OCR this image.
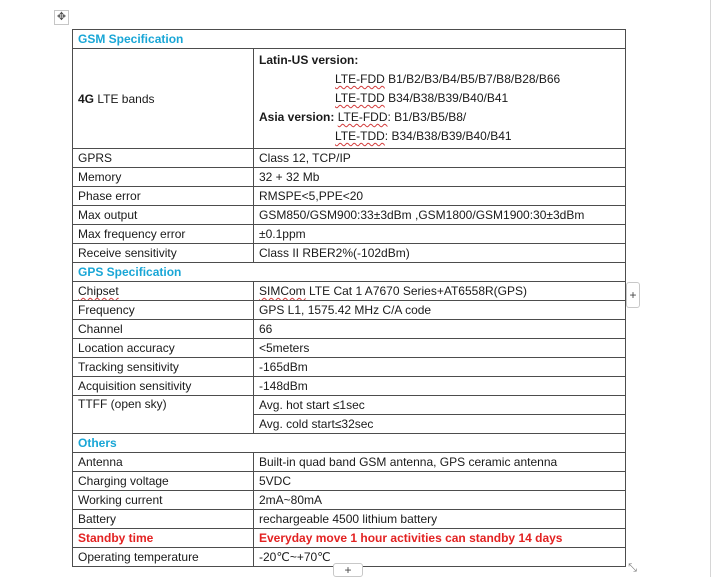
✥
GSM Specification	
4G LTE bands	Latin-US version:
LTE-FDD B1/B2/B3/B4/B5/B7/B8/B28/B66
LTE-TDD B34/B38/B39/B40/B41
Asia version: LTE-FDD: B1/B3/B5/B8/
LTE-TDD: B34/B38/B39/B40/B41

GPRS	Class 12, TCP/IP
Memory	32 + 32 Mb
Phase error	RMSPE<5,PPE<20
Max output	GSM850/GSM900:33±3dBm ,GSM1800/GSM1900:30±3dBm
Max frequency error	±0.1ppm
Receive sensitivity	Class II RBER2%(-102dBm)
GPS Specification	
Chipset	SIMCom LTE Cat 1 A7670 Series+AT6558R(GPS)
Frequency	GPS L1, 1575.42 MHz C/A code
Channel	66
Location accuracy	<5meters
Tracking sensitivity	-165dBm
Acquisition sensitivity	-148dBm
TTFF (open sky)	Avg. hot start ≤1sec
	Avg. cold start≤32sec
Others	
Antenna	Built-in quad band GSM antenna, GPS ceramic antenna
Charging voltage	5VDC
Working current	2mA~80mA
Battery	rechargeable 4500 lithium battery
Standby time	Everyday move 1 hour activities can standby 14 days
Operating temperature	-20℃~+70℃
+
+	⤡
